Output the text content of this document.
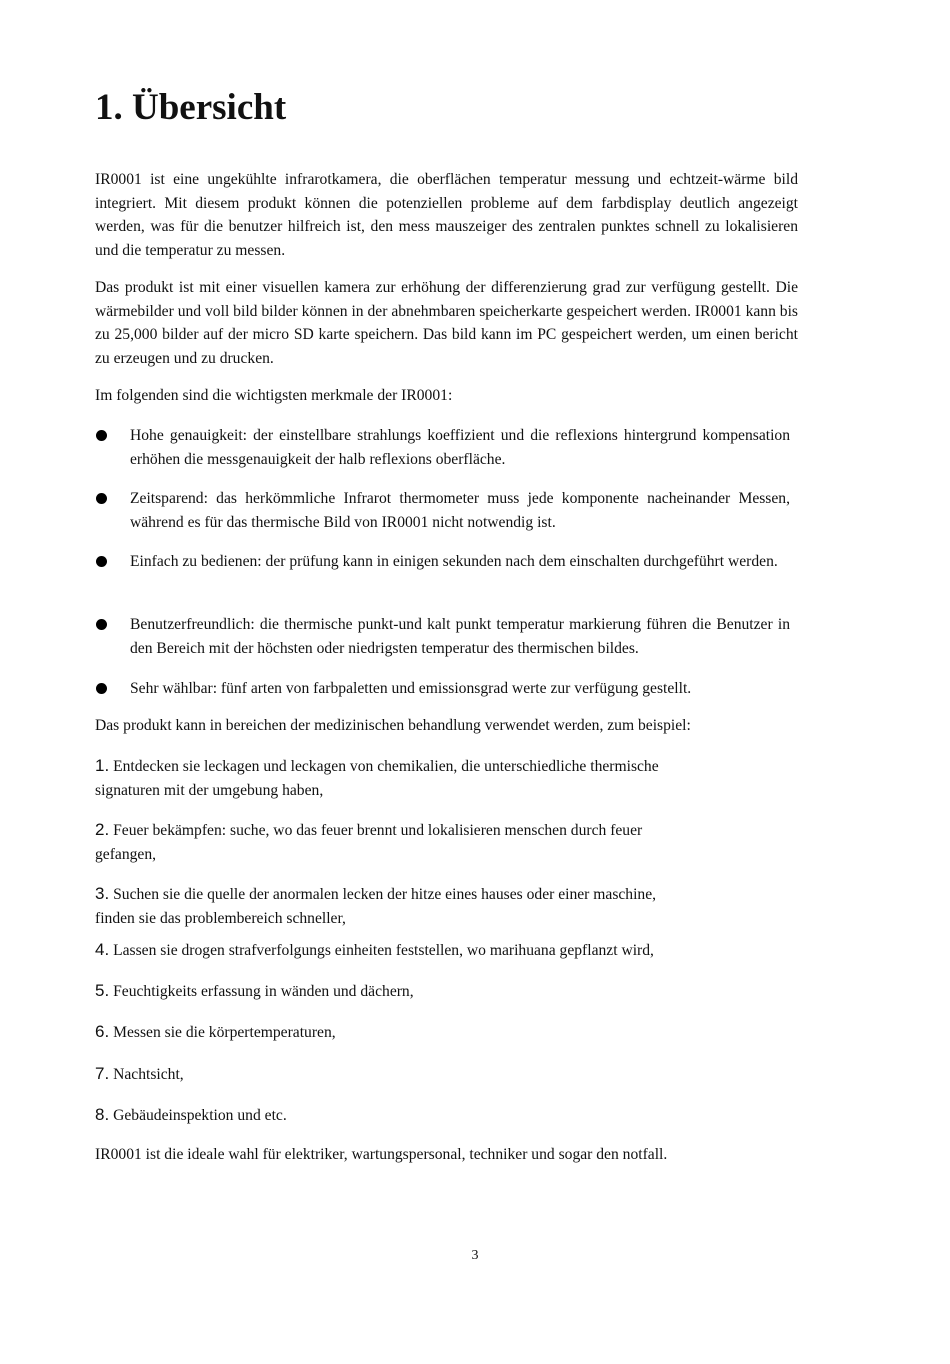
1. Übersicht

IR0001 ist eine ungekühlte infrarotkamera, die oberflächen temperatur messung und echtzeit-wärme bild integriert. Mit diesem produkt können die potenziellen probleme auf dem farbdisplay deutlich angezeigt werden, was für die benutzer hilfreich ist, den mess mauszeiger des zentralen punktes schnell zu lokalisieren und die temperatur zu messen.

Das produkt ist mit einer visuellen kamera zur erhöhung der differenzierung grad zur verfügung gestellt. Die wärmebilder und voll bild bilder können in der abnehmbaren speicherkarte gespeichert werden. IR0001 kann bis zu 25,000 bilder auf der micro SD karte speichern. Das bild kann im PC gespeichert werden, um einen bericht zu erzeugen und zu drucken.

Im folgenden sind die wichtigsten merkmale der IR0001:

Hohe genauigkeit: der einstellbare strahlungs koeffizient und die reflexions hintergrund kompensation erhöhen die messgenauigkeit der halb reflexions oberfläche.

Zeitsparend: das herkömmliche Infrarot thermometer muss jede komponente nacheinander Messen, während es für das thermische Bild von IR0001 nicht notwendig ist.

Einfach zu bedienen: der prüfung kann in einigen sekunden nach dem einschalten durchgeführt werden.

Benutzerfreundlich: die thermische punkt-und kalt punkt temperatur markierung führen die Benutzer in den Bereich mit der höchsten oder niedrigsten temperatur des thermischen bildes.

Sehr wählbar: fünf arten von farbpaletten und emissionsgrad werte zur verfügung gestellt.

Das produkt kann in bereichen der medizinischen behandlung verwendet werden, zum beispiel:

1. Entdecken sie leckagen und leckagen von chemikalien, die unterschiedliche thermische
signaturen mit der umgebung haben,

2. Feuer bekämpfen: suche, wo das feuer brennt und lokalisieren menschen durch feuer
gefangen,

3. Suchen sie die quelle der anormalen lecken der hitze eines hauses oder einer maschine,
finden sie das problembereich schneller,

4. Lassen sie drogen strafverfolgungs einheiten feststellen, wo marihuana gepflanzt wird,

5. Feuchtigkeits erfassung in wänden und dächern,

6. Messen sie die körpertemperaturen,

7. Nachtsicht,

8. Gebäudeinspektion und etc.

IR0001 ist die ideale wahl für elektriker, wartungspersonal, techniker und sogar den notfall.

3
